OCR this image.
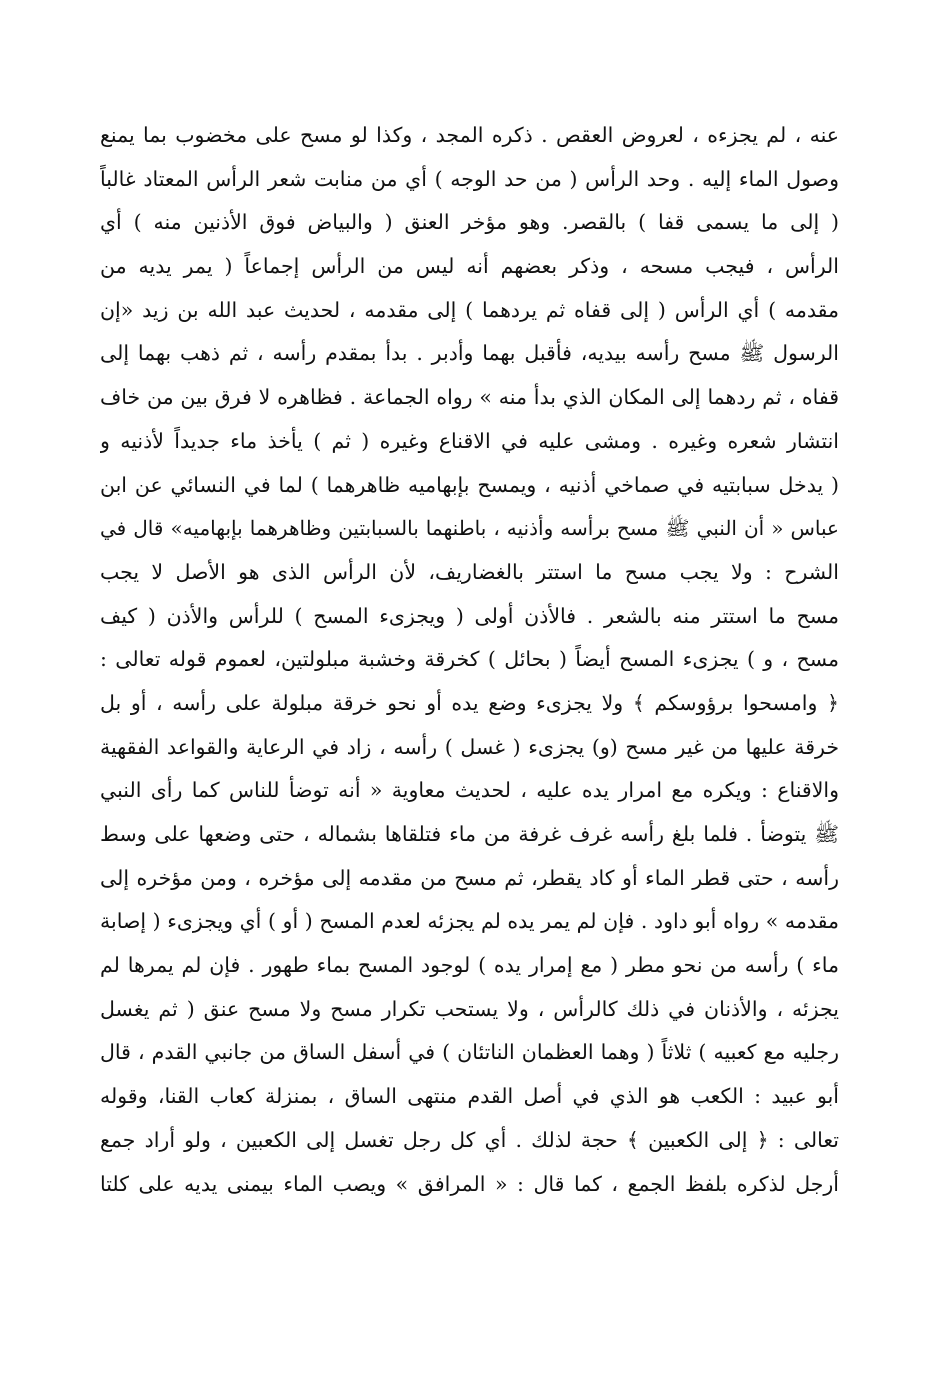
عنه ، لم يجزءه ، لعروض العقص . ذكره المجد ، وكذا لو مسح على مخضوب بما يمنع
وصول الماء إليه . وحد الرأس ( من حد الوجه ) أي من منابت شعر الرأس المعتاد غالباً
( إلى ما يسمى قفا ) بالقصر. وهو مؤخر العنق ( والبياض فوق الأذنين منه ) أي
الرأس ، فيجب مسحه ، وذكر بعضهم أنه ليس من الرأس إجماعاً ( يمر يديه من
مقدمه ) أي الرأس ( إلى قفاه ثم يردهما ) إلى مقدمه ، لحديث عبد الله بن زيد «إن
الرسول ﷺ مسح رأسه بيديه، فأقبل بهما وأدبر . بدأ بمقدم رأسه ، ثم ذهب بهما إلى
قفاه ، ثم ردهما إلى المكان الذي بدأ منه » رواه الجماعة . فظاهره لا فرق بين من خاف
انتشار شعره وغيره . ومشى عليه في الاقناع وغيره ( ثم ) يأخذ ماء جديداً لأذنيه و
( يدخل سبابتيه في صماخي أذنيه ، ويمسح بإبهاميه ظاهرهما ) لما في النسائي عن ابن
عباس « أن النبي ﷺ مسح برأسه وأذنيه ، باطنهما بالسبابتين وظاهرهما بإبهاميه» قال في
الشرح : ولا يجب مسح ما استتر بالغضاريف، لأن الرأس الذى هو الأصل لا يجب
مسح ما استتر منه بالشعر . فالأذن أولى ( ويجزىء المسح ) للرأس والأذن ( كيف
مسح ، و ) يجزىء المسح أيضاً ( بحائل ) كخرقة وخشبة مبلولتين، لعموم قوله تعالى :
﴿ وامسحوا برؤوسكم ﴾ ولا يجزىء وضع يده أو نحو خرقة مبلولة على رأسه ، أو بل
خرقة عليها من غير مسح (و) يجزىء ( غسل ) رأسه ، زاد في الرعاية والقواعد الفقهية
والاقناع : ويكره مع امرار يده عليه ، لحديث معاوية « أنه توضأ للناس كما رأى النبي
ﷺ يتوضأ . فلما بلغ رأسه غرف غرفة من ماء فتلقاها بشماله ، حتى وضعها على وسط
رأسه ، حتى قطر الماء أو كاد يقطر، ثم مسح من مقدمه إلى مؤخره ، ومن مؤخره إلى
مقدمه » رواه أبو داود . فإن لم يمر يده لم يجزئه لعدم المسح ( أو ) أي ويجزىء ( إصابة
ماء ) رأسه من نحو مطر ( مع إمرار يده ) لوجود المسح بماء طهور . فإن لم يمرها لم
يجزئه ، والأذنان في ذلك كالرأس ، ولا يستحب تكرار مسح ولا مسح عنق ( ثم يغسل
رجليه مع كعبيه ) ثلاثاً ( وهما العظمان الناتئان ) في أسفل الساق من جانبي القدم ، قال
أبو عبيد : الكعب هو الذي في أصل القدم منتهى الساق ، بمنزلة كعاب القنا، وقوله
تعالى : ﴿ إلى الكعبين ﴾ حجة لذلك . أي كل رجل تغسل إلى الكعبين ، ولو أراد جمع
أرجل لذكره بلفظ الجمع ، كما قال : « المرافق » ويصب الماء بيمنى يديه على كلتا
